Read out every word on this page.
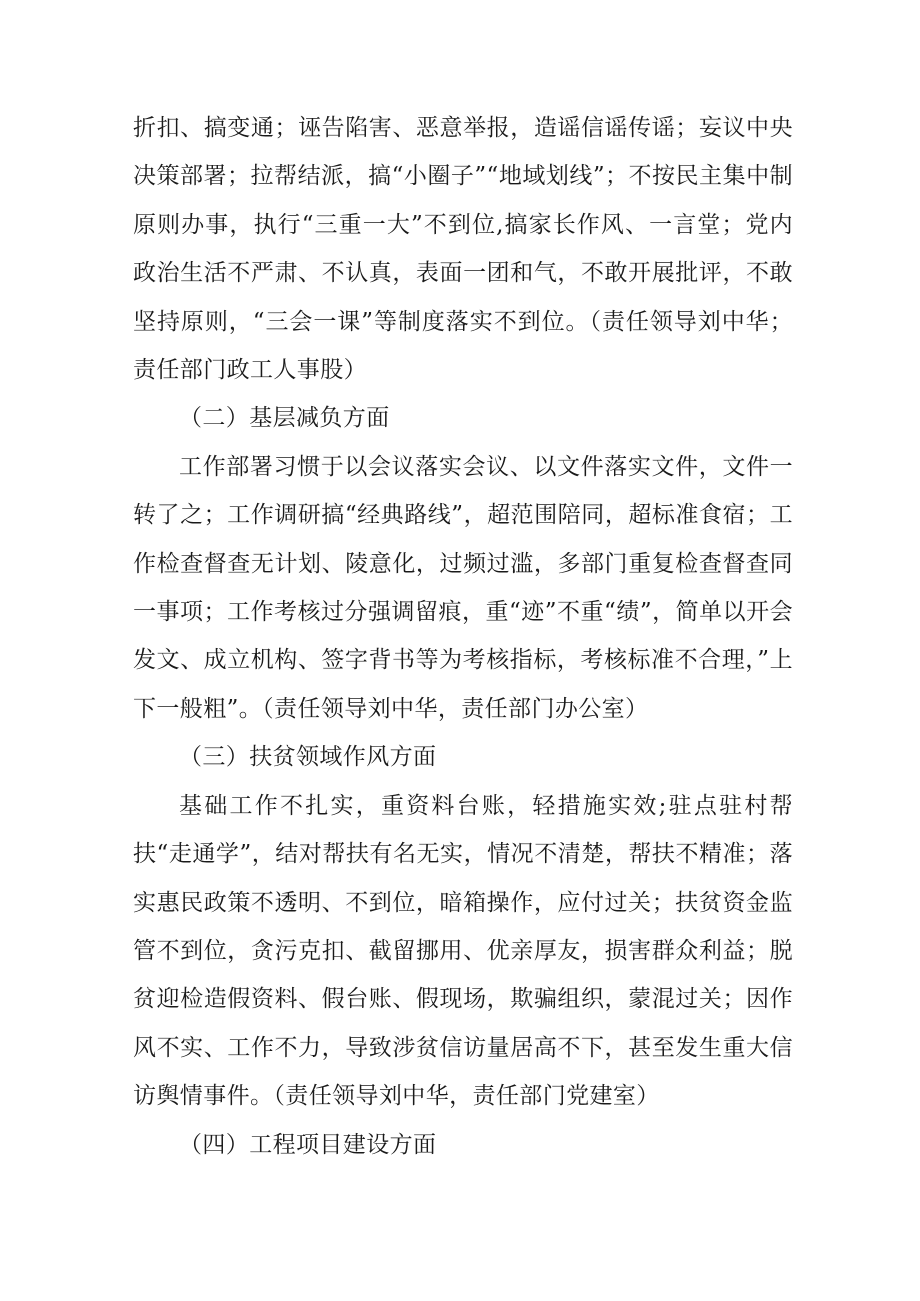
折扣、搞变通；诬告陷害、恶意举报，造谣信谣传谣；妄议中央决策部署；拉帮结派，搞“小圈子”“地域划线”；不按民主集中制原则办事，执行“三重一大”不到位,搞家长作风、一言堂；党内政治生活不严肃、不认真，表面一团和气，不敢开展批评，不敢坚持原则，“三会一课”等制度落实不到位。（责任领导刘中华；责任部门政工人事股）

（二）基层减负方面

工作部署习惯于以会议落实会议、以文件落实文件，文件一转了之；工作调研搞“经典路线”，超范围陪同，超标准食宿；工作检查督查无计划、陵意化，过频过滥，多部门重复检查督查同一事项；工作考核过分强调留痕，重“迹”不重“绩”，简单以开会发文、成立机构、签字背书等为考核指标，考核标准不合理，”上下一般粗”。（责任领导刘中华，责任部门办公室）

（三）扶贫领域作风方面

基础工作不扎实，重资料台账，轻措施实效;驻点驻村帮扶“走通学”，结对帮扶有名无实，情况不清楚，帮扶不精准；落实惠民政策不透明、不到位，暗箱操作，应付过关；扶贫资金监管不到位，贪污克扣、截留挪用、优亲厚友，损害群众利益；脱贫迎检造假资料、假台账、假现场，欺骗组织，蒙混过关；因作风不实、工作不力，导致涉贫信访量居高不下，甚至发生重大信访舆情事件。（责任领导刘中华，责任部门党建室）

（四）工程项目建设方面
